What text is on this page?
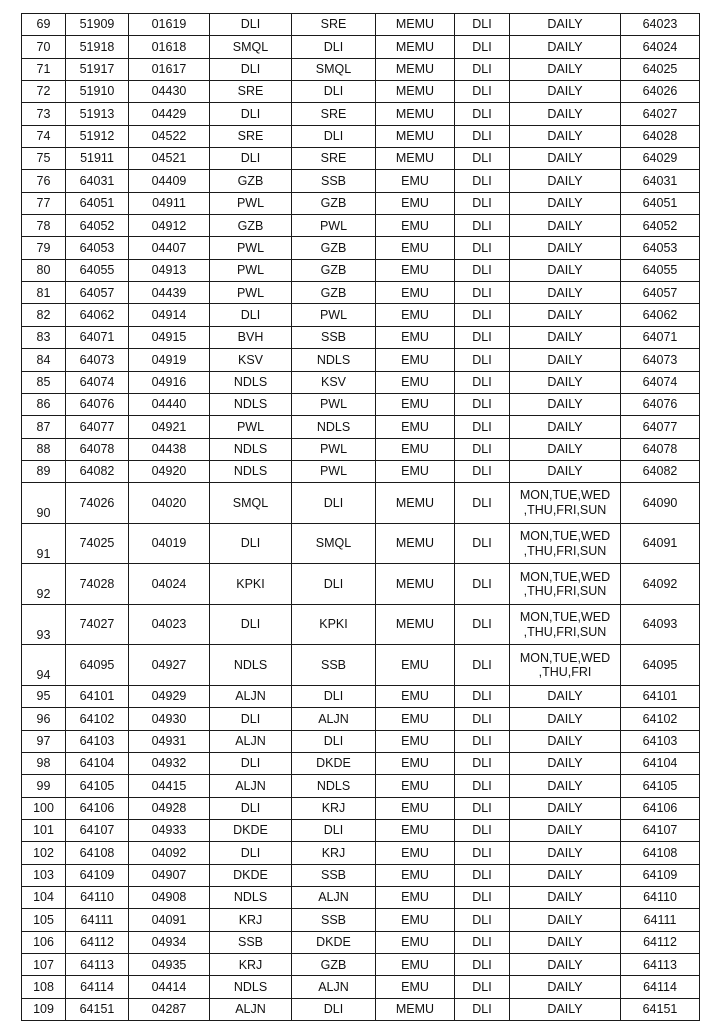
69	51909	01619	DLI	SRE	MEMU	DLI	DAILY	64023
70	51918	01618	SMQL	DLI	MEMU	DLI	DAILY	64024
71	51917	01617	DLI	SMQL	MEMU	DLI	DAILY	64025
72	51910	04430	SRE	DLI	MEMU	DLI	DAILY	64026
73	51913	04429	DLI	SRE	MEMU	DLI	DAILY	64027
74	51912	04522	SRE	DLI	MEMU	DLI	DAILY	64028
75	51911	04521	DLI	SRE	MEMU	DLI	DAILY	64029
76	64031	04409	GZB	SSB	EMU	DLI	DAILY	64031
77	64051	04911	PWL	GZB	EMU	DLI	DAILY	64051
78	64052	04912	GZB	PWL	EMU	DLI	DAILY	64052
79	64053	04407	PWL	GZB	EMU	DLI	DAILY	64053
80	64055	04913	PWL	GZB	EMU	DLI	DAILY	64055
81	64057	04439	PWL	GZB	EMU	DLI	DAILY	64057
82	64062	04914	DLI	PWL	EMU	DLI	DAILY	64062
83	64071	04915	BVH	SSB	EMU	DLI	DAILY	64071
84	64073	04919	KSV	NDLS	EMU	DLI	DAILY	64073
85	64074	04916	NDLS	KSV	EMU	DLI	DAILY	64074
86	64076	04440	NDLS	PWL	EMU	DLI	DAILY	64076
87	64077	04921	PWL	NDLS	EMU	DLI	DAILY	64077
88	64078	04438	NDLS	PWL	EMU	DLI	DAILY	64078
89	64082	04920	NDLS	PWL	EMU	DLI	DAILY	64082
90	74026	04020	SMQL	DLI	MEMU	DLI	MON,TUE,WED
,THU,FRI,SUN	64090
91	74025	04019	DLI	SMQL	MEMU	DLI	MON,TUE,WED
,THU,FRI,SUN	64091
92	74028	04024	KPKI	DLI	MEMU	DLI	MON,TUE,WED
,THU,FRI,SUN	64092
93	74027	04023	DLI	KPKI	MEMU	DLI	MON,TUE,WED
,THU,FRI,SUN	64093
94	64095	04927	NDLS	SSB	EMU	DLI	MON,TUE,WED
,THU,FRI	64095
95	64101	04929	ALJN	DLI	EMU	DLI	DAILY	64101
96	64102	04930	DLI	ALJN	EMU	DLI	DAILY	64102
97	64103	04931	ALJN	DLI	EMU	DLI	DAILY	64103
98	64104	04932	DLI	DKDE	EMU	DLI	DAILY	64104
99	64105	04415	ALJN	NDLS	EMU	DLI	DAILY	64105
100	64106	04928	DLI	KRJ	EMU	DLI	DAILY	64106
101	64107	04933	DKDE	DLI	EMU	DLI	DAILY	64107
102	64108	04092	DLI	KRJ	EMU	DLI	DAILY	64108
103	64109	04907	DKDE	SSB	EMU	DLI	DAILY	64109
104	64110	04908	NDLS	ALJN	EMU	DLI	DAILY	64110
105	64111	04091	KRJ	SSB	EMU	DLI	DAILY	64111
106	64112	04934	SSB	DKDE	EMU	DLI	DAILY	64112
107	64113	04935	KRJ	GZB	EMU	DLI	DAILY	64113
108	64114	04414	NDLS	ALJN	EMU	DLI	DAILY	64114
109	64151	04287	ALJN	DLI	MEMU	DLI	DAILY	64151
